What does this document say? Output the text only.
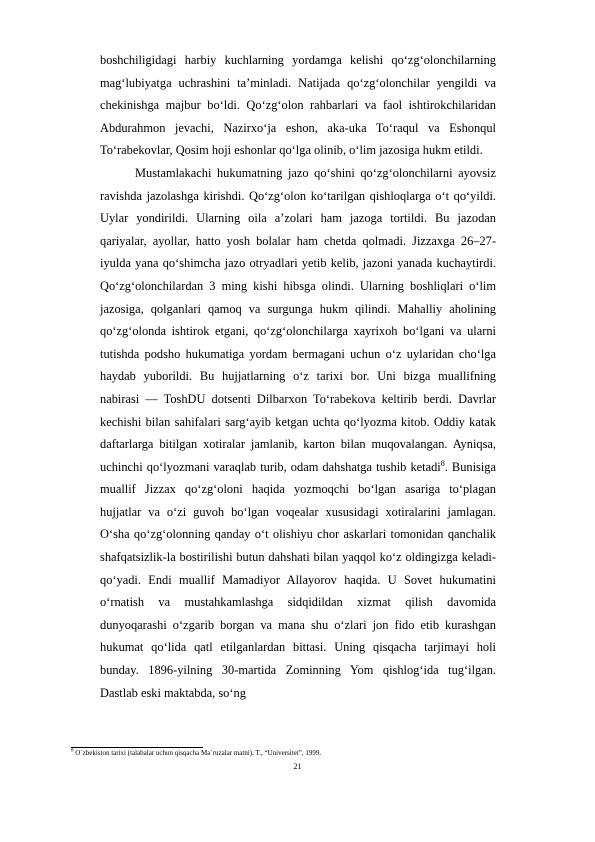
boshchiligidagi harbiy kuchlarning yordamga kelishi qo‘zg‘olonchilarning mag‘lubiyatga uchrashini ta’minladi. Natijada qo‘zg‘olonchilar yengildi va chekinishga majbur bo‘ldi. Qo‘zg‘olon rahbarlari va faol ishtirokchilaridan Abdurahmon jevachi, Nazirxo‘ja eshon, aka-uka To‘raqul va Eshonqul To‘rabekovlar, Qosim hoji eshonlar qo‘lga olinib, o‘lim jazosiga hukm etildi.

Mustamlakachi hukumatning jazo qo‘shini qo‘zg‘olonchilarni ayovsiz ravishda jazolashga kirishdi. Qo‘zg‘olon ko‘tarilgan qishloqlarga o‘t qo‘yildi. Uylar yondirildi. Ularning oila a’zolari ham jazoga tortildi. Bu jazodan qariyalar, ayollar, hatto yosh bolalar ham chetda qolmadi. Jizzaxga 26–27-iyulda yana qo‘shimcha jazo otryadlari yetib kelib, jazoni yanada kuchaytirdi. Qo‘zg‘olonchilardan 3 ming kishi hibsga olindi. Ularning boshliqlari o‘lim jazosiga, qolganlari qamoq va surgunga hukm qilindi. Mahalliy aholining qo‘zg‘olonda ishtirok etgani, qo‘zg‘olonchilarga xayrixoh bo‘lgani va ularni tutishda podsho hukumatiga yordam bermagani uchun o‘z uylaridan cho‘lga haydab yuborildi. Bu hujjatlarning o‘z tarixi bor. Uni bizga muallifning nabirasi — ToshDU dotsenti Dilbarxon To‘rabekova keltirib berdi. Davrlar kechishi bilan sahifalari sarg‘ayib ketgan uchta qo‘lyozma kitob. Oddiy katak daftarlarga bitilgan xotiralar jamlanib, karton bilan muqovalangan. Ayniqsa, uchinchi qo‘lyozmani varaqlab turib, odam dahshatga tushib ketadi$^8$. Bunisiga muallif Jizzax qo‘zg‘oloni haqida yozmoqchi bo‘lgan asariga to‘plagan hujjatlar va o‘zi guvoh bo‘lgan voqealar xususidagi xotiralarini jamlagan. O‘sha qo‘zg‘olonning qanday o‘t olishiyu chor askarlari tomonidan qanchalik shafqatsizlik-la bostirilishi butun dahshati bilan yaqqol ko‘z oldingizga keladi-qo‘yadi. Endi muallif Mamadiyor Allayorov haqida. U Sovet hukumatini o‘rnatish va mustahkamlashga sidqidildan xizmat qilish davomida dunyoqarashi o‘zgarib borgan va mana shu o‘zlari jon fido etib kurashgan hukumat qo‘lida qatl etilganlardan bittasi. Uning qisqacha tarjimayi holi bunday. 1896-yilning 30-martida Zominning Yom qishlog‘ida tug‘ilgan. Dastlab eski maktabda, so‘ng

$^8$ O`zbekiston tarixi (talabalar uchun qisqacha Ma`ruzalar matni), T., “Universitet”, 1999.
21
